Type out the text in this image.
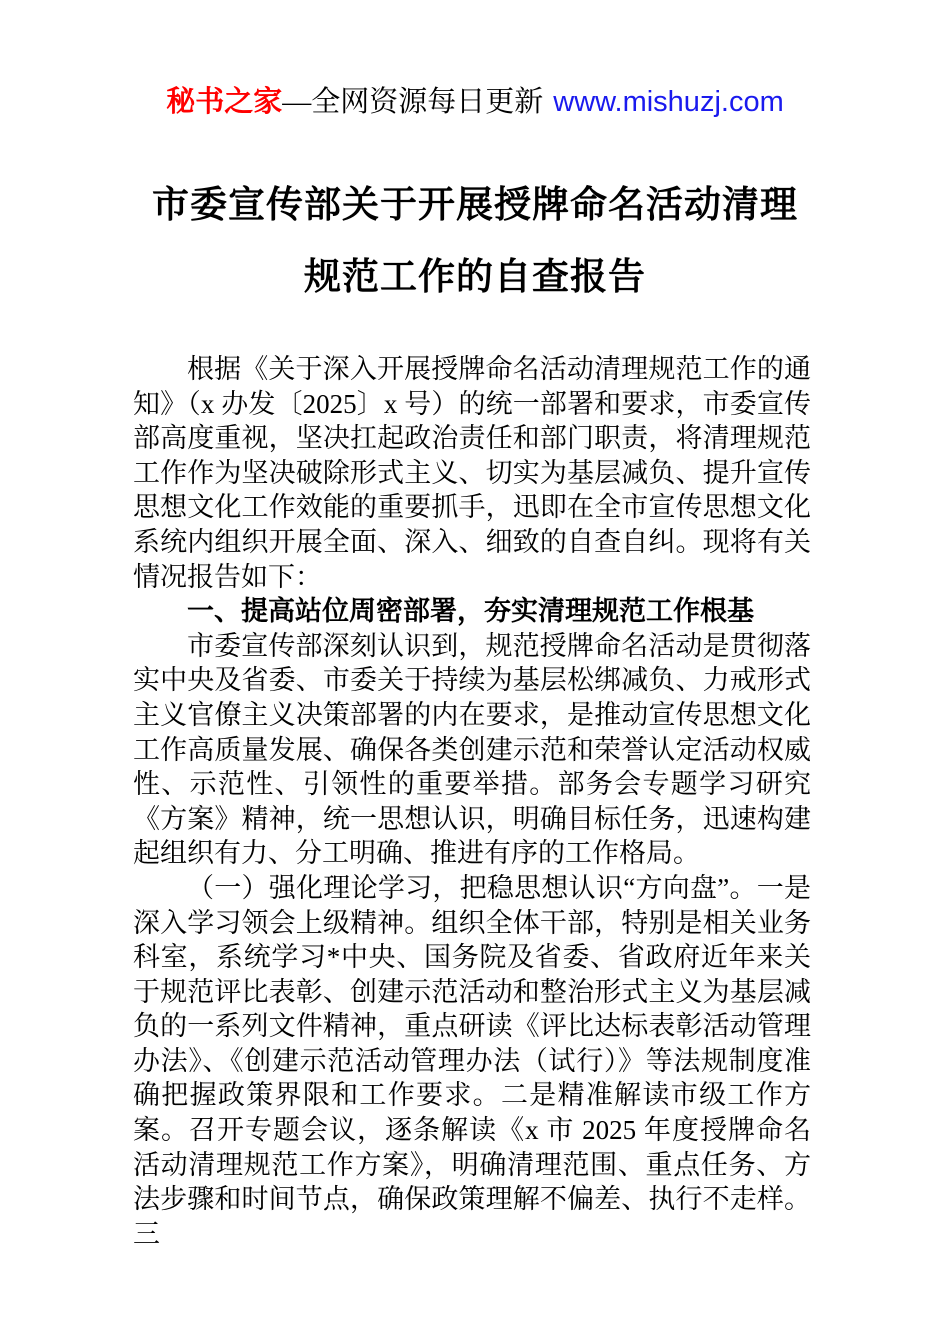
秘书之家—全网资源每日更新 www.mishuzj.com
市委宣传部关于开展授牌命名活动清理
规范工作的自查报告

根据《关于深入开展授牌命名活动清理规范工作的通知》（x 办发〔2025〕x 号）的统一部署和要求，市委宣传部高度重视，坚决扛起政治责任和部门职责，将清理规范工作作为坚决破除形式主义、切实为基层减负、提升宣传思想文化工作效能的重要抓手，迅即在全市宣传思想文化系统内组织开展全面、深入、细致的自查自纠。现将有关情况报告如下：

一、提高站位周密部署，夯实清理规范工作根基

市委宣传部深刻认识到，规范授牌命名活动是贯彻落实中央及省委、市委关于持续为基层松绑减负、力戒形式主义官僚主义决策部署的内在要求，是推动宣传思想文化工作高质量发展、确保各类创建示范和荣誉认定活动权威性、示范性、引领性的重要举措。部务会专题学习研究《方案》精神，统一思想认识，明确目标任务，迅速构建起组织有力、分工明确、推进有序的工作格局。

（一）强化理论学习，把稳思想认识“方向盘”。一是深入学习领会上级精神。组织全体干部，特别是相关业务科室，系统学习*中央、国务院及省委、省政府近年来关于规范评比表彰、创建示范活动和整治形式主义为基层减负的一系列文件精神，重点研读《评比达标表彰活动管理办法》、《创建示范活动管理办法（试行）》等法规制度准确把握政策界限和工作要求。二是精准解读市级工作方案。召开专题会议，逐条解读《x 市 2025 年度授牌命名活动清理规范工作方案》，明确清理范围、重点任务、方法步骤和时间节点，确保政策理解不偏差、执行不走样。三
